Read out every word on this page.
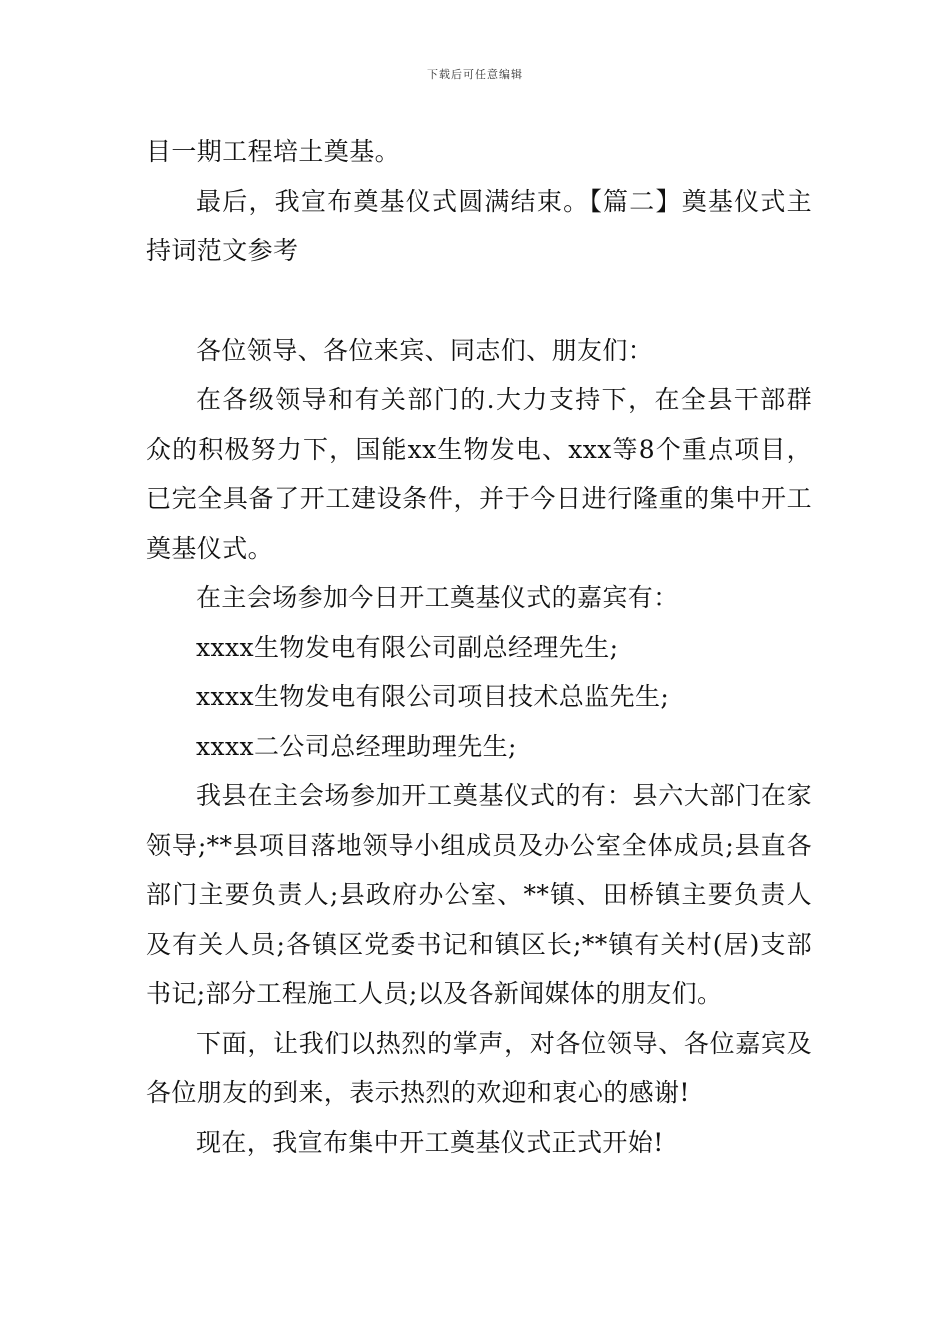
下载后可任意编辑

目一期工程培土奠基。

最后，我宣布奠基仪式圆满结束。【篇二】奠基仪式主持词范文参考

各位领导、各位来宾、同志们、朋友们：

在各级领导和有关部门的.大力支持下，在全县干部群众的积极努力下，国能xx生物发电、xxx等8个重点项目，已完全具备了开工建设条件，并于今日进行隆重的集中开工奠基仪式。

在主会场参加今日开工奠基仪式的嘉宾有：

xxxx生物发电有限公司副总经理先生;

xxxx生物发电有限公司项目技术总监先生;

xxxx二公司总经理助理先生;

我县在主会场参加开工奠基仪式的有：县六大部门在家领导;**县项目落地领导小组成员及办公室全体成员;县直各部门主要负责人;县政府办公室、**镇、田桥镇主要负责人及有关人员;各镇区党委书记和镇区长;**镇有关村(居)支部书记;部分工程施工人员;以及各新闻媒体的朋友们。

下面，让我们以热烈的掌声，对各位领导、各位嘉宾及各位朋友的到来，表示热烈的欢迎和衷心的感谢!

现在，我宣布集中开工奠基仪式正式开始!
